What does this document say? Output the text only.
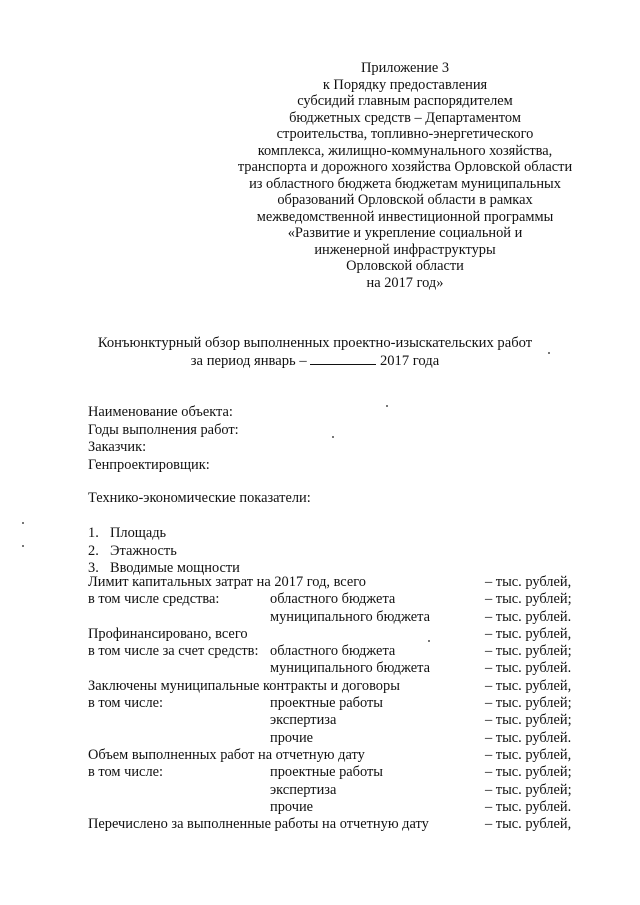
Приложение 3
к Порядку предоставления
субсидий главным распорядителем
бюджетных средств – Департаментом
строительства, топливно-энергетического
комплекса, жилищно-коммунального хозяйства,
транспорта и дорожного хозяйства Орловской области
из областного бюджета бюджетам муниципальных
образований Орловской области в рамках
межведомственной инвестиционной программы
«Развитие и укрепление социальной и
инженерной инфраструктуры
Орловской области
на 2017 год»
Конъюнктурный обзор выполненных проектно-изыскательских работ
за период январь –	2017 года
Наименование объекта:
Годы выполнения работ:
Заказчик:
Генпроектировщик:
Технико-экономические показатели:
1. Площадь
2. Этажность
3. Вводимые мощности
Лимит капитальных затрат на 2017 год, всего	– тыс. рублей,
в том числе средства:	областного бюджета	– тыс. рублей;
муниципального бюджета	– тыс. рублей.
Профинансировано, всего	– тыс. рублей,
в том числе за счет средств: областного бюджета	– тыс. рублей;
муниципального бюджета	– тыс. рублей.
Заключены муниципальные контракты и договоры	– тыс. рублей,
в том числе:	проектные работы	– тыс. рублей;
экспертиза	– тыс. рублей;
прочие	– тыс. рублей.
Объем выполненных работ на отчетную дату	– тыс. рублей,
в том числе:	проектные работы	– тыс. рублей;
экспертиза	– тыс. рублей;
прочие	– тыс. рублей.
Перечислено за выполненные работы на отчетную дату	– тыс. рублей,
